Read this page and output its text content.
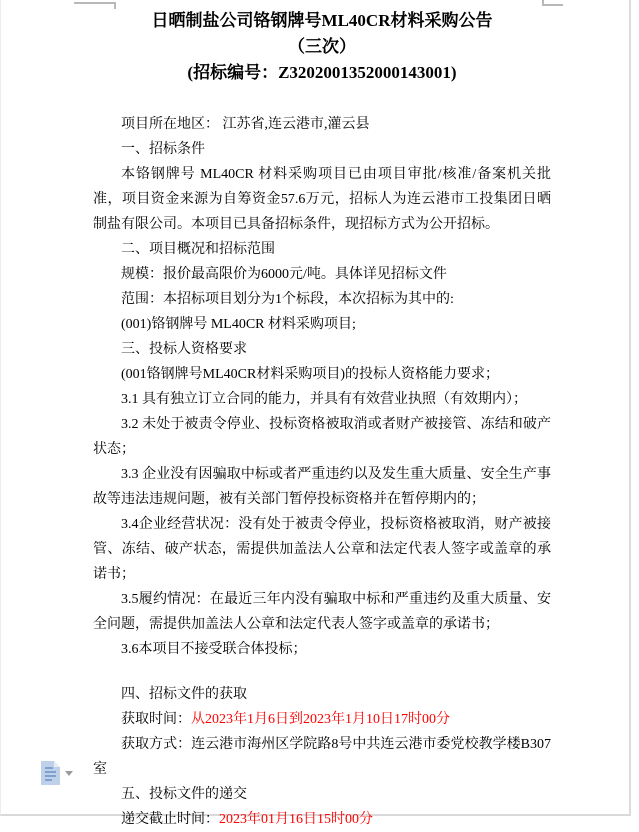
日晒制盐公司铬钢牌号ML40CR材料采购公告
（三次）
(招标编号：Z3202001352000143001)

项目所在地区： 江苏省,连云港市,灌云县

一、招标条件

本铬钢牌号 ML40CR 材料采购项目已由项目审批/核准/备案机关批准，项目资金来源为自筹资金57.6万元，招标人为连云港市工投集团日晒制盐有限公司。本项目已具备招标条件，现招标方式为公开招标。

二、项目概况和招标范围

规模：报价最高限价为6000元/吨。具体详见招标文件

范围：本招标项目划分为1个标段，本次招标为其中的:

(001)铬钢牌号 ML40CR 材料采购项目;

三、投标人资格要求

(001铬钢牌号ML40CR材料采购项目)的投标人资格能力要求；

3.1 具有独立订立合同的能力，并具有有效营业执照（有效期内）；

3.2 未处于被责令停业、投标资格被取消或者财产被接管、冻结和破产状态；

3.3 企业没有因骗取中标或者严重违约以及发生重大质量、安全生产事故等违法违规问题，被有关部门暂停投标资格并在暂停期内的；

3.4企业经营状况：没有处于被责令停业，投标资格被取消，财产被接管、冻结、破产状态，需提供加盖法人公章和法定代表人签字或盖章的承诺书；

3.5履约情况：在最近三年内没有骗取中标和严重违约及重大质量、安全问题，需提供加盖法人公章和法定代表人签字或盖章的承诺书；

3.6本项目不接受联合体投标；

四、招标文件的获取

获取时间：从2023年1月6日到2023年1月10日17时00分

获取方式：连云港市海州区学院路8号中共连云港市委党校教学楼B307室

五、投标文件的递交

递交截止时间：2023年01月16日15时00分
